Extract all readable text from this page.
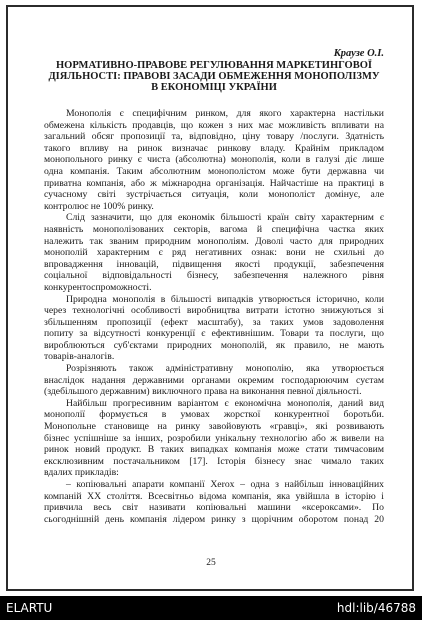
Краузе О.І.
НОРМАТИВНО-ПРАВОВЕ РЕГУЛЮВАННЯ МАРКЕТИНГОВОЇ
ДІЯЛЬНОСТІ: ПРАВОВІ ЗАСАДИ ОБМЕЖЕННЯ МОНОПОЛІЗМУ
В ЕКОНОМІЦІ УКРАЇНИ
Монополія є специфічним ринком, для якого характерна настільки
обмежена кількість продавців, що кожен з них має можливість впливати на
загальний обсяг пропозиції та, відповідно, ціну товару /послуги. Здатність
такого впливу на ринок визначає ринкову владу. Крайнім прикладом
монопольного ринку є чиста (абсолютна) монополія, коли в галузі діє лише
одна компанія. Таким абсолютним монополістом може бути державна чи
приватна компанія, або ж міжнародна організація. Найчастіше на практиці в
сучасному світі зустрічається ситуація, коли монополіст домінує, але
контролює не 100% ринку.
Слід зазначити, що для економік більшості країн світу характерним є
наявність монополізованих секторів, вагома й специфічна частка яких
належить так званим природним монополіям. Доволі часто для природних
монополій характерним є ряд негативних ознак: вони не схильні до
впровадження інновацій, підвищення якості продукції, забезпечення
соціальної відповідальності бізнесу, забезпечення належного рівня
конкурентоспроможності.
Природна монополія в більшості випадків утворюється історично, коли
через технологічні особливості виробництва витрати істотно знижуються зі
збільшенням пропозиції (ефект масштабу), за таких умов задоволення
попиту за відсутності конкуренції є ефективнішим. Товари та послуги, що
вироблюються суб'єктами природних монополій, як правило, не мають
товарів-аналогів.
Розрізняють також адміністративну монополію, яка утворюється
внаслідок надання державними органами окремим господарюючим суєтам
(здебільшого державним) виключного права на виконання певної діяльності.
Найбільш прогресивним варіантом є економічна монополія, даний вид
монополії формується в умовах жорсткої конкурентної боротьби.
Монопольне становище на ринку завойовують «гравці», які розвивають
бізнес успішніше за інших, розробили унікальну технологію або ж вивели на
ринок новий продукт. В таких випадках компанія може стати тимчасовим
ексклюзивним постачальником [17]. Історія бізнесу знає чимало таких
вдалих прикладів:
– копіювальні апарати компанії Xerox – одна з найбільш інноваційних
компаній XX століття. Всесвітньо відома компанія, яка увійшла в історію і
привчила весь світ називати копіювальні машини «ксероксами». По
сьогоднішній день компанія лідером ринку з щорічним оборотом понад 20
25
ELARTU	hdl:lib/46788
